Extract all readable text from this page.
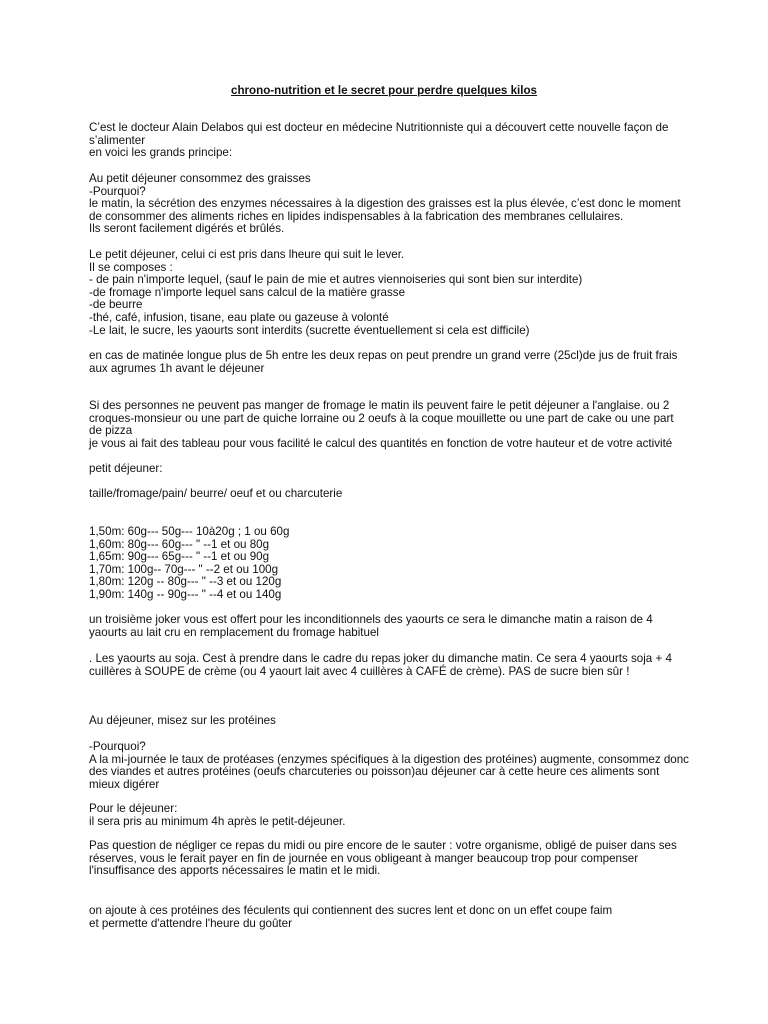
chrono-nutrition et le secret pour perdre quelques kilos
C’est le docteur Alain Delabos qui est docteur en médecine Nutritionniste qui a découvert cette nouvelle façon de s’alimenter
en voici les grands principe:
Au petit déjeuner consommez des graisses
-Pourquoi?
le matin, la sécrétion des enzymes nécessaires à la digestion des graisses est la plus élevée, c’est donc le moment de consommer des aliments riches en lipides indispensables à la fabrication des membranes cellulaires.
Ils seront facilement digérés et brûlés.
Le petit déjeuner, celui ci est pris dans lheure qui suit le lever.
Il se composes :
- de pain n'importe lequel, (sauf le pain de mie et autres viennoiseries qui sont bien sur interdite)
-de fromage n'importe lequel sans calcul de la matière grasse
-de beurre
-thé, café, infusion, tisane, eau plate ou gazeuse à volonté
-Le lait, le sucre, les yaourts sont interdits (sucrette éventuellement si cela est difficile)
en cas de matinée longue plus de 5h entre les deux repas on peut prendre un grand verre (25cl)de jus de fruit frais aux agrumes 1h avant le déjeuner
Si des personnes ne peuvent pas manger de fromage le matin ils peuvent faire le petit déjeuner a l'anglaise. ou 2 croques-monsieur ou une part de quiche lorraine ou 2 oeufs à la coque mouillette ou une part de cake ou une part de pizza
je vous ai fait des tableau pour vous facilité le calcul des quantités en fonction de votre hauteur et de votre activité
petit déjeuner:
taille/fromage/pain/ beurre/ oeuf et ou charcuterie
1,50m: 60g--- 50g--- 10à20g ; 1 ou 60g
1,60m: 80g--- 60g--- " --1 et ou 80g
1,65m: 90g--- 65g--- " --1 et ou 90g
1,70m: 100g-- 70g--- " --2 et ou 100g
1,80m: 120g -- 80g--- " --3 et ou 120g
1,90m: 140g -- 90g--- " --4 et ou 140g
un troisième joker vous est offert pour les inconditionnels des yaourts ce sera le dimanche matin a raison de 4 yaourts au lait cru en remplacement du fromage habituel
. Les yaourts au soja. Cest à prendre dans le cadre du repas joker du dimanche matin. Ce sera 4 yaourts soja + 4 cuillères à SOUPE de crème (ou 4 yaourt lait avec 4 cuillères à CAFÉ de crème). PAS de sucre bien sûr !
Au déjeuner, misez sur les protéines
-Pourquoi?
A la mi-journée le taux de protéases (enzymes spécifiques à la digestion des protéines) augmente, consommez donc des viandes et autres protéines (oeufs charcuteries ou poisson)au déjeuner car à cette heure ces aliments sont mieux digérer
Pour le déjeuner:
il sera pris au minimum 4h après le petit-déjeuner.
Pas question de négliger ce repas du midi ou pire encore de le sauter : votre organisme, obligé de puiser dans ses réserves, vous le ferait payer en fin de journée en vous obligeant à manger beaucoup trop pour compenser l'insuffisance des apports nécessaires le matin et le midi.
on ajoute à ces protéines des féculents qui contiennent des sucres lent et donc on un effet coupe faim
et permette d'attendre l'heure du goûter
